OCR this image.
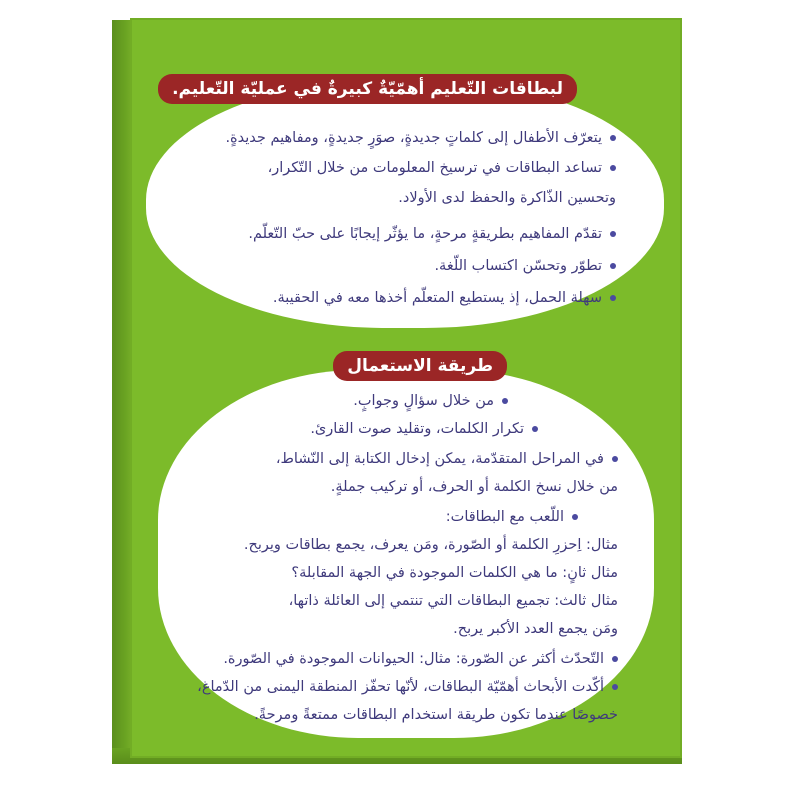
لبطاقات التّعليم أهمّيّةٌ كبيرةٌ في عمليّة التّعليم.
يتعرّف الأطفال إلى كلماتٍ جديدةٍ، صوَرٍ جديدةٍ، ومفاهيم جديدةٍ.
تساعد البطاقات في ترسيخ المعلومات من خلال التّكرار،
وتحسين الذّاكرة والحفظ لدى الأولاد.
تقدّم المفاهيم بطريقةٍ مرحةٍ، ما يؤثّر إيجابًا على حبّ التّعلّم.
تطوّر وتحسّن اكتساب اللّغة.
سهلة الحمل، إذ يستطيع المتعلّم أخذها معه في الحقيبة.
طريقة الاستعمال
من خلال سؤالٍ وجوابٍ.
تكرار الكلمات، وتقليد صوت القارئ.
في المراحل المتقدّمة، يمكن إدخال الكتابة إلى النّشاط،
من خلال نسخ الكلمة أو الحرف، أو تركيب جملةٍ.
اللّعب مع البطاقات:
مثال: اِحزرِ الكلمة أو الصّورة، ومَن يعرف، يجمع بطاقات ويربح.
مثال ثانٍ: ما هي الكلمات الموجودة في الجهة المقابلة؟
مثال ثالث: تجميع البطاقات التي تنتمي إلى العائلة ذاتها،
ومَن يجمع العدد الأكبر يربح.
التّحدّث أكثر عن الصّورة: مثال: الحيوانات الموجودة في الصّورة.
أكّدت الأبحاث أهمّيّة البطاقات، لأنّها تحفّز المنطقة اليمنى من الدّماغ،
خصوصًا عندما تكون طريقة استخدام البطاقات ممتعةً ومرحةً.
